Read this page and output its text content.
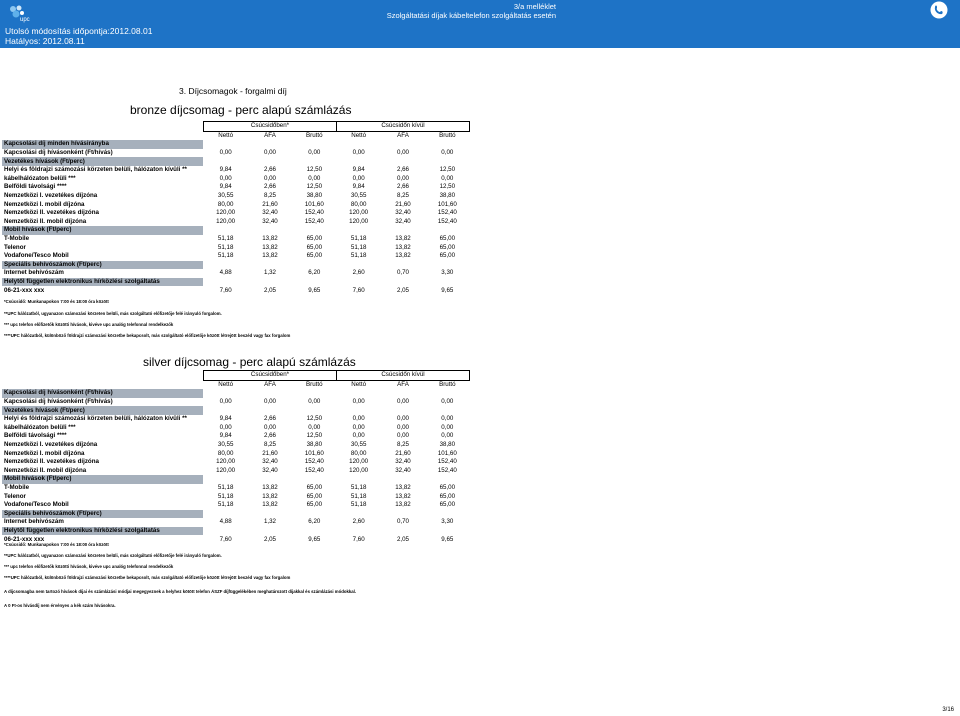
upc
Utolsó módosítás időpontja:2012.08.01
Hatályos: 2012.08.11
3/a melléklet
Szolgáltatási díjak kábeltelefon szolgáltatás esetén
3. Díjcsomagok - forgalmi díj
bronze díjcsomag - perc alapú számlázás
	Csúcsidőben*			Csúcsidőn kívül		
	Nettó	ÁFA	Bruttó	Nettó	ÁFA	Bruttó
Kapcsolási díj minden hívásirányba						
Kapcsolási díj hívásonként (Ft/hívás)	0,00	0,00	0,00	0,00	0,00	0,00
Vezetékes hívások (Ft/perc)						
Helyi és földrajzi számozási körzeten belüli, hálózaton kívüli **	9,84	2,66	12,50	9,84	2,66	12,50
kábelhálózaton belüli ***	0,00	0,00	0,00	0,00	0,00	0,00
Belföldi távolsági ****	9,84	2,66	12,50	9,84	2,66	12,50
Nemzetközi I. vezetékes díjzóna	30,55	8,25	38,80	30,55	8,25	38,80
Nemzetközi I. mobil díjzóna	80,00	21,60	101,60	80,00	21,60	101,60
Nemzetközi II. vezetékes díjzóna	120,00	32,40	152,40	120,00	32,40	152,40
Nemzetközi II. mobil díjzóna	120,00	32,40	152,40	120,00	32,40	152,40
Mobil hívások (Ft/perc)						
T-Mobile	51,18	13,82	65,00	51,18	13,82	65,00
Telenor	51,18	13,82	65,00	51,18	13,82	65,00
Vodafone/Tesco Mobil	51,18	13,82	65,00	51,18	13,82	65,00
Speciális behívószámok (Ft/perc)						
Internet behívószám	4,88	1,32	6,20	2,60	0,70	3,30
Helytől független elektronikus hírközlési szolgáltatás						
06-21-xxx xxx	7,60	2,05	9,65	7,60	2,05	9,65
*Csúcsidő: Munkanapokon 7:00 és 18:00 óra között
**UPC hálózatból, ugyanazon számozási körzeten belüli, más szolgáltató előfizetője felé irányuló forgalom.
*** upc telefon előfizetők közötti hívások, kivéve upc analóg telefonnal rendelkezők
****UPC hálózatból, különböző földrajzi számozási körzetbe bekapcsolt, más szolgáltató előfizetője között létrejött beszéd vagy fax forgalom
silver díjcsomag - perc alapú számlázás
	Csúcsidőben*			Csúcsidőn kívül		
	Nettó	ÁFA	Bruttó	Nettó	ÁFA	Bruttó
Kapcsolási díj hívásonként (Ft/hívás)						
Kapcsolási díj hívásonként (Ft/hívás)	0,00	0,00	0,00	0,00	0,00	0,00
Vezetékes hívások (Ft/perc)						
Helyi és földrajzi számozási körzeten belüli, hálózaton kívüli **	9,84	2,66	12,50	0,00	0,00	0,00
kábelhálózaton belüli ***	0,00	0,00	0,00	0,00	0,00	0,00
Belföldi távolsági ****	9,84	2,66	12,50	0,00	0,00	0,00
Nemzetközi I. vezetékes díjzóna	30,55	8,25	38,80	30,55	8,25	38,80
Nemzetközi I. mobil díjzóna	80,00	21,60	101,60	80,00	21,60	101,60
Nemzetközi II. vezetékes díjzóna	120,00	32,40	152,40	120,00	32,40	152,40
Nemzetközi II. mobil díjzóna	120,00	32,40	152,40	120,00	32,40	152,40
Mobil hívások (Ft/perc)						
T-Mobile	51,18	13,82	65,00	51,18	13,82	65,00
Telenor	51,18	13,82	65,00	51,18	13,82	65,00
Vodafone/Tesco Mobil	51,18	13,82	65,00	51,18	13,82	65,00
Speciális behívószámok (Ft/perc)						
Internet behívószám	4,88	1,32	6,20	2,60	0,70	3,30
Helytől független elektronikus hírközlési szolgáltatás						
06-21-xxx xxx	7,60	2,05	9,65	7,60	2,05	9,65
*Csúcsidő: Munkanapokon 7:00 és 18:00 óra között
**UPC hálózatból, ugyanazon számozási körzeten belüli, más szolgáltató előfizetője felé irányuló forgalom.
*** upc telefon előfizetők közötti hívások, kivéve upc analóg telefonnal rendelkezők
****UPC hálózatból, különböző földrajzi számozási körzetbe bekapcsolt, más szolgáltató előfizetője között létrejött beszéd vagy fax forgalom
A díjcsomagba nem tartozó hívások díjai és számlázási módjai megegyeznek a helyhez kötött telefon ÁSZF díjfüggelékében meghatározott díjakkal és számlázási módokkal.
A 0 Ft-os hívásdíj nem érvényes a kék szám hívásokra.
3/16
